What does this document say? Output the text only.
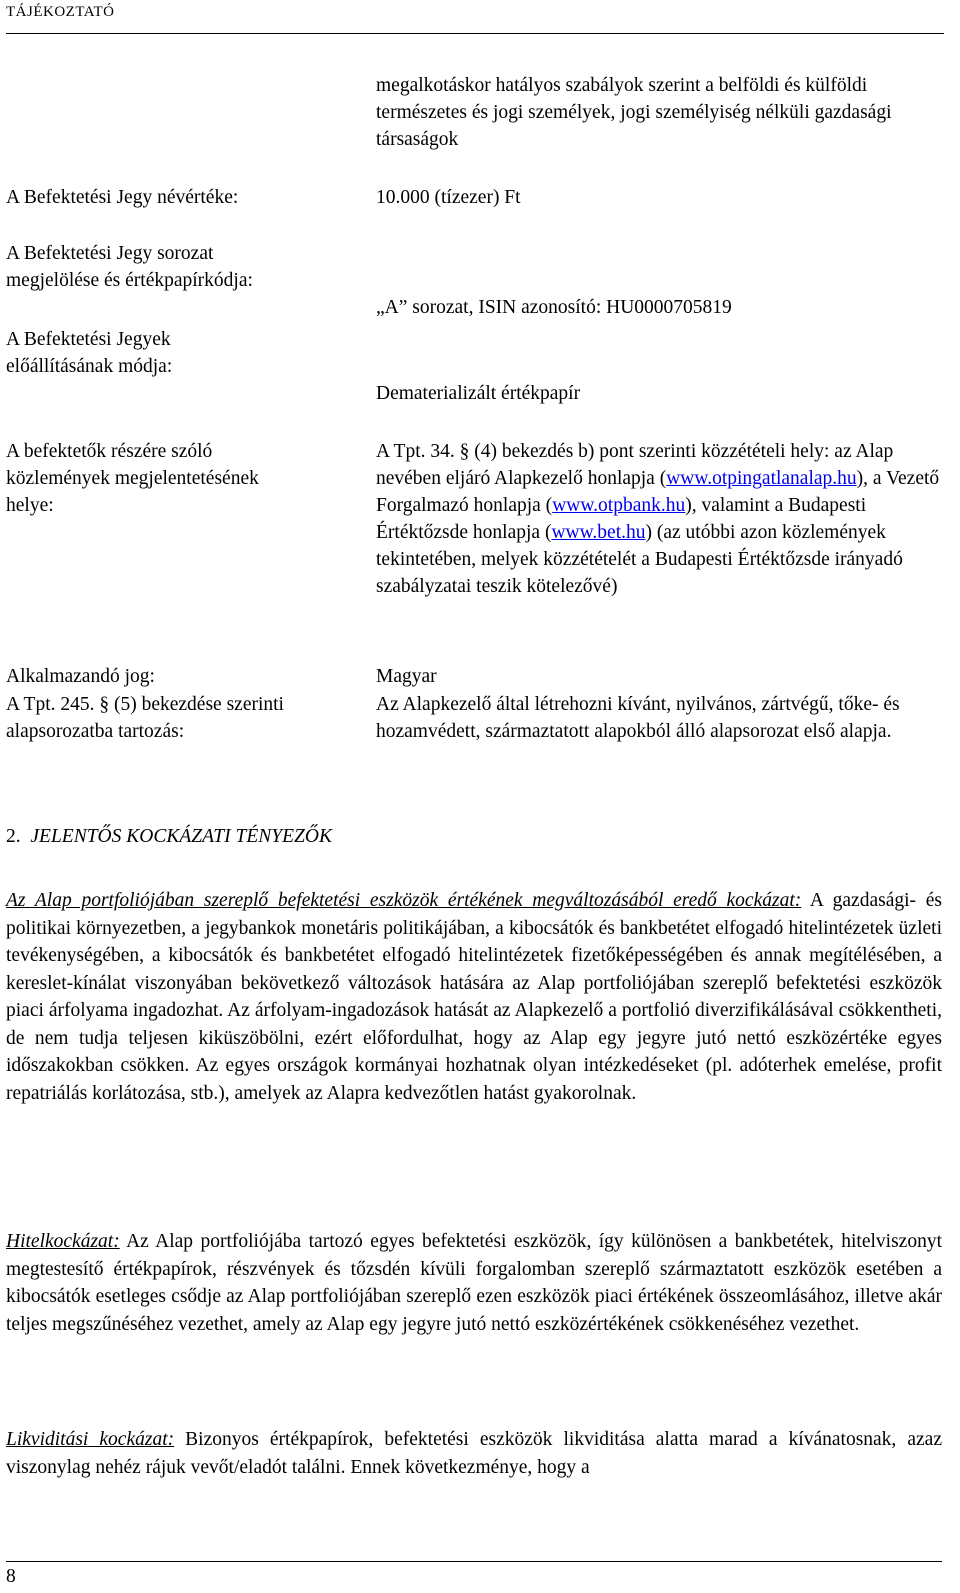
TÁJÉKOZTATÓ
megalkotáskor hatályos szabályok szerint a belföldi és külföldi természetes és jogi személyek, jogi személyiség nélküli gazdasági társaságok
A Befektetési Jegy névértéke:	10.000 (tízezer) Ft
A Befektetési Jegy sorozat megjelölése és értékpapírkódja:
„A” sorozat, ISIN azonosító: HU0000705819
A Befektetési Jegyek előállításának módja:
Dematerializált értékpapír
A befektetők részére szóló közlemények megjelentetésének helye:
A Tpt. 34. § (4) bekezdés b) pont szerinti közzétételi hely: az Alap nevében eljáró Alapkezelő honlapja (www.otpingatlanalap.hu), a Vezető Forgalmazó honlapja (www.otpbank.hu), valamint a Budapesti Értéktőzsde honlapja (www.bet.hu) (az utóbbi azon közlemények tekintetében, melyek közzétételét a Budapesti Értéktőzsde irányadó szabályzatai teszik kötelezővé)
Alkalmazandó jog:	Magyar
A Tpt. 245. § (5) bekezdése szerinti alapsorozatba tartozás:
Az Alapkezelő által létrehozni kívánt, nyilvános, zártvégű, tőke- és hozamvédett, származtatott alapokból álló alapsorozat első alapja.
2. JELENTŐS KOCKÁZATI TÉNYEZŐK

Az Alap portfoliójában szereplő befektetési eszközök értékének megváltozásából eredő kockázat: A gazdasági- és politikai környezetben, a jegybankok monetáris politikájában, a kibocsátók és bankbetétet elfogadó hitelintézetek üzleti tevékenységében, a kibocsátók és bankbetétet elfogadó hitelintézetek fizetőképességében és annak megítélésében, a kereslet-kínálat viszonyában bekövetkező változások hatására az Alap portfoliójában szereplő befektetési eszközök piaci árfolyama ingadozhat. Az árfolyam-ingadozások hatását az Alapkezelő a portfolió diverzifikálásával csökkentheti, de nem tudja teljesen kiküszöbölni, ezért előfordulhat, hogy az Alap egy jegyre jutó nettó eszközértéke egyes időszakokban csökken. Az egyes országok kormányai hozhatnak olyan intézkedéseket (pl. adóterhek emelése, profit repatriálás korlátozása, stb.), amelyek az Alapra kedvezőtlen hatást gyakorolnak.

Hitelkockázat: Az Alap portfoliójába tartozó egyes befektetési eszközök, így különösen a bankbetétek, hitelviszonyt megtestesítő értékpapírok, részvények és tőzsdén kívüli forgalomban szereplő származtatott eszközök esetében a kibocsátók esetleges csődje az Alap portfoliójában szereplő ezen eszközök piaci értékének összeomlásához, illetve akár teljes megszűnéséhez vezethet, amely az Alap egy jegyre jutó nettó eszközértékének csökkenéséhez vezethet.

Likviditási kockázat: Bizonyos értékpapírok, befektetési eszközök likviditása alatta marad a kívánatosnak, azaz viszonylag nehéz rájuk vevőt/eladót találni. Ennek következménye, hogy a

8
